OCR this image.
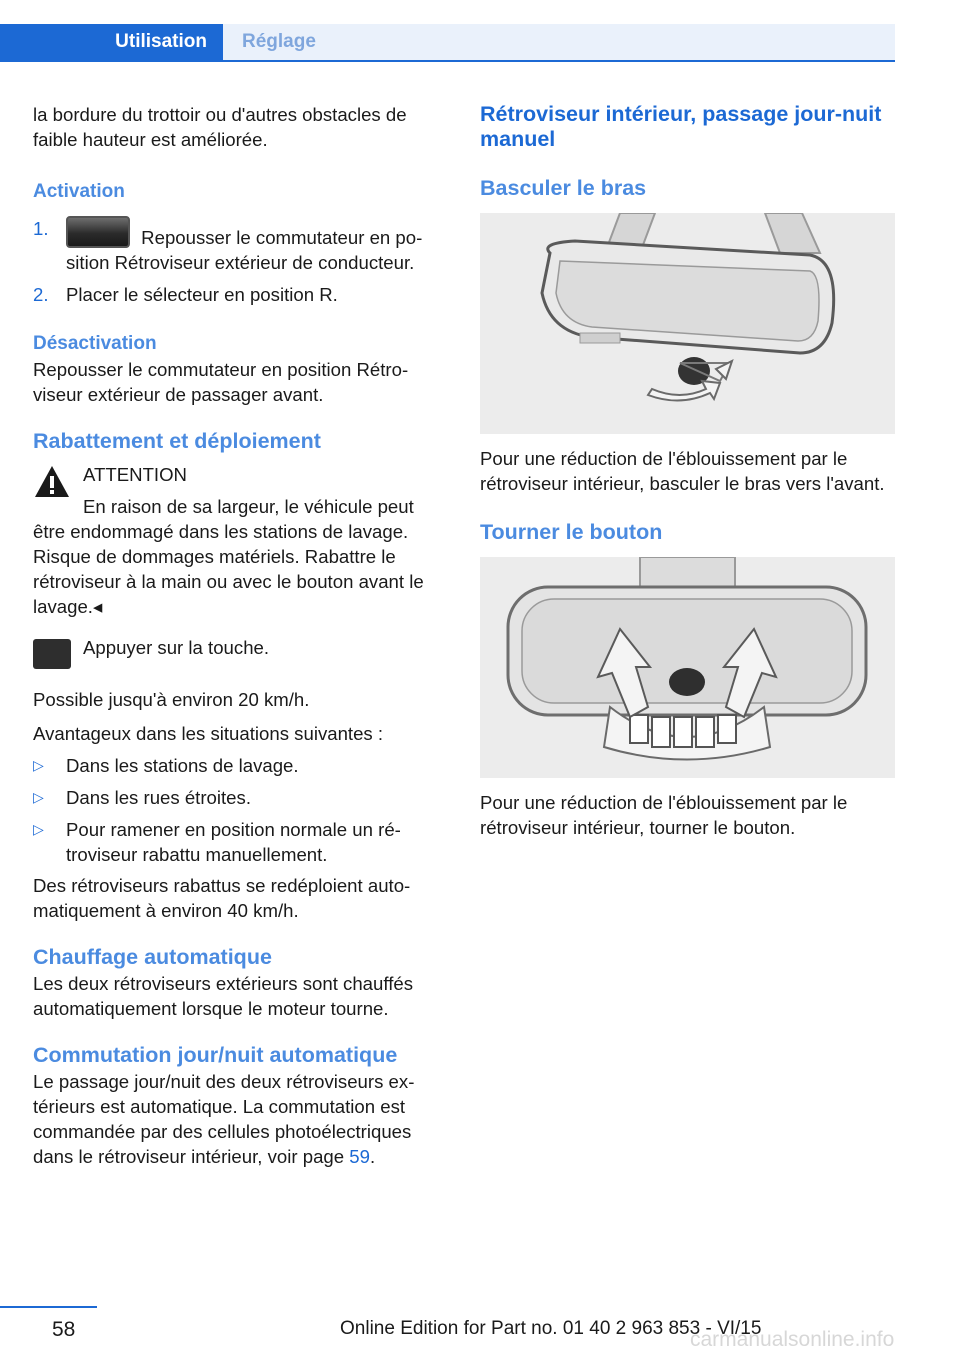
Utilisation	Réglage

la bordure du trottoir ou d'autres obstacles de faible hauteur est améliorée.

Activation

1.	Repousser le commutateur en position Rétroviseur extérieur de conducteur.
2. Placer le sélecteur en position R.

Désactivation

Repousser le commutateur en position Rétroviseur extérieur de passager avant.

Rabattement et déploiement

ATTENTION

En raison de sa largeur, le véhicule peut être endommagé dans les stations de lavage. Risque de dommages matériels. Rabattre le rétroviseur à la main ou avec le bouton avant le lavage.◂

Appuyer sur la touche.

Possible jusqu'à environ 20 km/h.

Avantageux dans les situations suivantes :

▷ Dans les stations de lavage.
▷ Dans les rues étroites.
▷ Pour ramener en position normale un rétroviseur rabattu manuellement.

Des rétroviseurs rabattus se redéploient automatiquement à environ 40 km/h.

Chauffage automatique

Les deux rétroviseurs extérieurs sont chauffés automatiquement lorsque le moteur tourne.

Commutation jour/nuit automatique

Le passage jour/nuit des deux rétroviseurs extérieurs est automatique. La commutation est commandée par des cellules photoélectriques dans le rétroviseur intérieur, voir page 59.

Rétroviseur intérieur, passage jour-nuit manuel

Basculer le bras

Pour une réduction de l'éblouissement par le rétroviseur intérieur, basculer le bras vers l'avant.

Tourner le bouton

Pour une réduction de l'éblouissement par le rétroviseur intérieur, tourner le bouton.

58	Online Edition for Part no. 01 40 2 963 853 - VI/15
carmanualsonline.info
